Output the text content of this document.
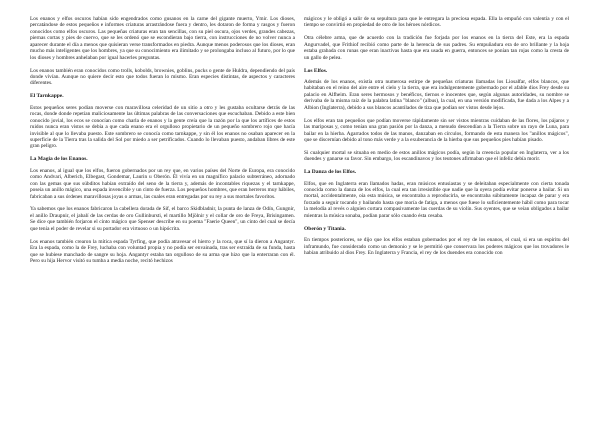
Los enanos y elfos oscuros habían sido engendrados como gusanos en la carne del gigante muerto, Ymir. Los dioses, percatándose de estos pequeños e informes criaturas arrastrándose fuera y dentro, les dotaron de forma y rasgos y fueron conocidos como elfos oscuros. Las pequeñas criaturas eran tan sencillas, con su piel oscura, ojos verdes, grandes cabezas, piernas cortas y pies de cuervo, que se les ordenó que se escondieran bajo tierra, con instrucciones de no volver nunca a aparecer durante el día a menos que quisieran verse transformados en piedra. Aunque menos poderosos que los dioses, eran mucho más inteligentes que los hombres, ya que su conocimiento era ilimitado y se prolongaba incluso al futuro, por lo que los dioses y hombres anhelaban por igual hacerles preguntas.

Los enanos también eran conocidos como trolls, kobolds, brownies, goblins, pucks o gente de Huldra, dependiendo del país donde vivían. Aunque no quiere decir esto que todos fueran lo mismo. Eran especies distintas, de aspectos y caracteres diferentes.

El Tarnkappe.

Estos pequeños seres podían moverse con maravillosa celeridad de un sitio a otro y les gustaba ocultarse detrás de las rocas, donde donde repetían maliciosamente las últimas palabras de las conversaciones que escuchaban. Debido a este bien conocido jovial, los ecos se conocían como charla de enanos y la gente creía que la razón por la que los artífices de estos ruidos nunca eran vistos se debía a que cada enano era el orgulloso propietario de un pequeño sombrero rojo que hacía invisible al que lo llevaba puesto. Este sombrero se conocía como tarnkappe, y sin él los enanos no osaban aparecer en la superficie de la Tierra tras la salida del Sol por miedo a ser petrificados. Cuando lo llevaban puesto, andaban libres de este gran peligro.

La Magia de los Enanos.

Los enanos, al igual que los elfos, fueron gobernados por un rey que, en varios países del Norte de Europa, era conocido como Andvari, Alberich, Elbegast, Gondemar, Laurin u Oberón. Él vivía en un magnífico palacio subterráneo, adornado con las gemas que sus súbditos habían extraído del seno de la tierra y, además de incontables riquezas y el tarnkappe, poseía un anillo mágico, una espada invencible y un cinto de fuerza. Los pequeños hombres, que eran herreros muy hábiles, fabricaban a sus órdenes maravillosas joyas o armas, las cuales eran entregadas por su rey a sus mortales favoritos.

Ya sabemos que los enanos fabricaron la cabellera dorada de Sif, el barco Skidbladnir, la punta de lanza de Odín, Gungnir, el anillo Draupnir, el jabalí de las cerdas de oro Gullinbursti, el martillo Mjölnir y el collar de oro de Freya, Brisingamen. Se dice que también forjaron el cinto mágico que Spenser describe en su poema "Faerie Queen", un cinto del cual se decía que tenía el poder de revelar si su portador era virtuoso o un hipócrita.

Los enanos también crearon la mítica espada Tyrfing, que podía atravesar el hierro y la roca, que sí la dieron a Angantyr. Era la espada, como la de Frey, luchaba con voluntad propia y no podía ser envainada, tras ser extraída de su funda, hasta que se hubiese manchado de sangre su hoja. Angantyr estaba tan orgulloso de su arma que hizo que la enterraran con él. Pero su hija Hervor visitó su tumba a media noche, recitó hechizos

mágicos y le obligó a salir de su sepultura para que le entregara la preciosa espada. Ella la empuñó con valentía y con el tiempo se convirtió en propiedad de otro de los héroes nórdicos.

Otra célebre arma, que de acuerdo con la tradición fue forjada por los enanos en la tierra del Este, era la espada Angurvadel, que Frithiof recibió como parte de la herencia de sus padres. Su empuñadura era de oro brillante y la hoja estaba grabada con runas que eran inactivas hasta que era usada en guerra, entonces se ponían tan rojas como la cresta de un gallo de pelea.

Los Elfos.

Además de los enanos, existía otra numerosa estirpe de pequeñas criaturas llamadas los Liosalfar, elfos blancos, que habitaban en el reino del aire entre el cielo y la tierra, que era indulgentemente gobernado por el afable dios Frey desde su palacio en Alfheim. Eran seres hermosos y benéficos, tiernos e inocentes que, según algunas autoridades, su nombre se derivaba de la misma raíz de la palabra latina "blanco" (albus), la cual, en una versión modificada, fue dada a los Alpes y a Albion (Inglaterra), debido a sus blancos acantilados de tiza que podían ser vistos desde lejos.

Los elfos eran tan pequeños que podían moverse rápidamente sin ser vistos mientras cuidaban de las flores, los pájaros y las mariposas y, como tenían una gran pasión por la danza, a menudo descendían a la Tierra sobre un rayo de Luna, para bailar en la hierba. Agarrados todos de las manos, danzaban en círculos, formando de esta manera los "anillos mágicos", que se discernían debido al tono más verde y a la exuberancia de la hierba que sus pequeños pies habían pisado.

Si cualquier mortal se situaba en medio de estos anillos mágicos podía, según la creencia popular en Inglaterra, ver a los duendes y ganarse su favor. Sin embargo, los escandinavos y los teutones afirmaban que el infeliz debía morir.

La Danza de los Elfos.

Elfos, que en Inglaterra eran llamados hadas, eran músicos entusiastas y se deleitaban especialmente con cierta tonada conocida como la danza de los elfos, la cual era tan irresistible que nadie que la oyera podía evitar ponerse a bailar. Si un mortal, accidentalmente, oía esta música, se encontraba a reproducirla, se encontraba súbitamente incapaz de parar y era forzado a seguir tocando y bailando hasta que moría de fatiga, a menos que fuese lo suficientemente hábil como para tocar la melodía al revés o alguien cortara compasivamente las cuerdas de su violín. Sus oyentes, que se veían obligados a bailar mientras la música sonaba, podían parar sólo cuando ésta cesaba.

Oberón y Titania.

En tiempos posteriores, se dijo que los elfos estaban gobernados por el rey de los enanos, el cual, si era un espíritu del inframundo, fue considerado como un demonio y se le permitió que conservara los poderes mágicos que los trovadores le habían atribuido al dios Frey. En Inglaterra y Francia, el rey de los duendes era conocido con
